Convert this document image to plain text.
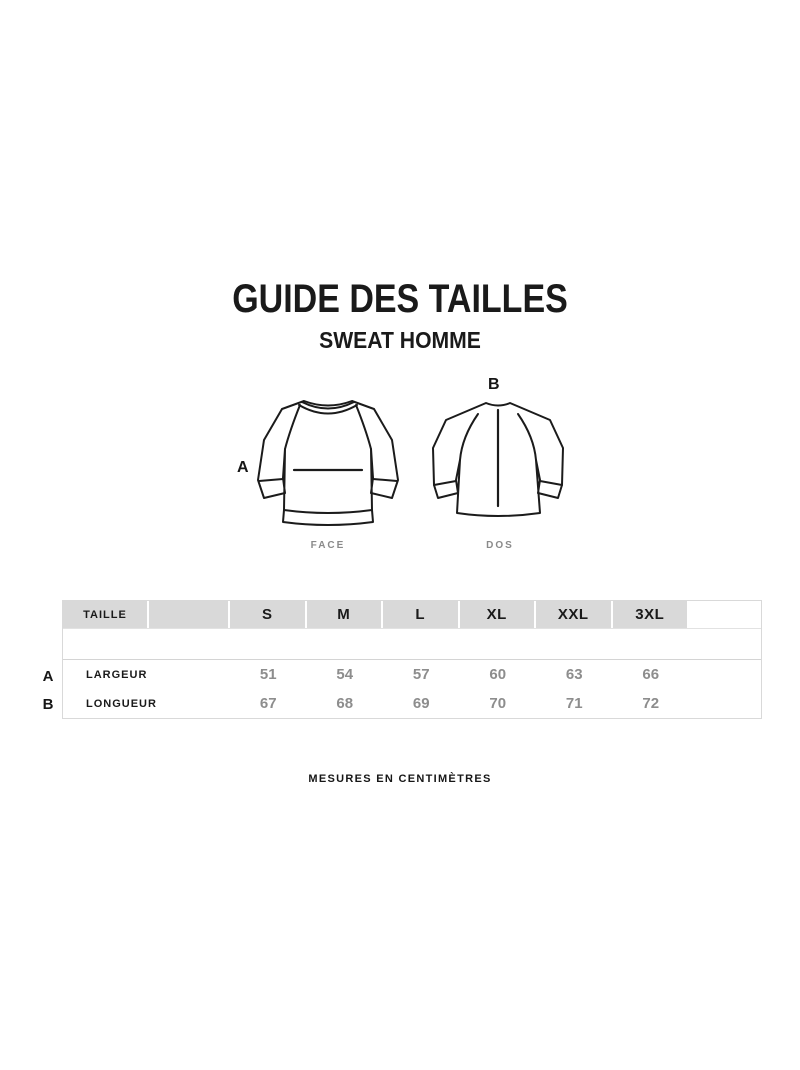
GUIDE DES TAILLES
SWEAT HOMME
A
B
FACE	DOS
TAILLE	S	M	L	XL	XXL	3XL
LARGEUR	51	54	57	60	63	66
LONGUEUR	67	68	69	70	71	72
A
B
MESURES EN CENTIMÈTRES
